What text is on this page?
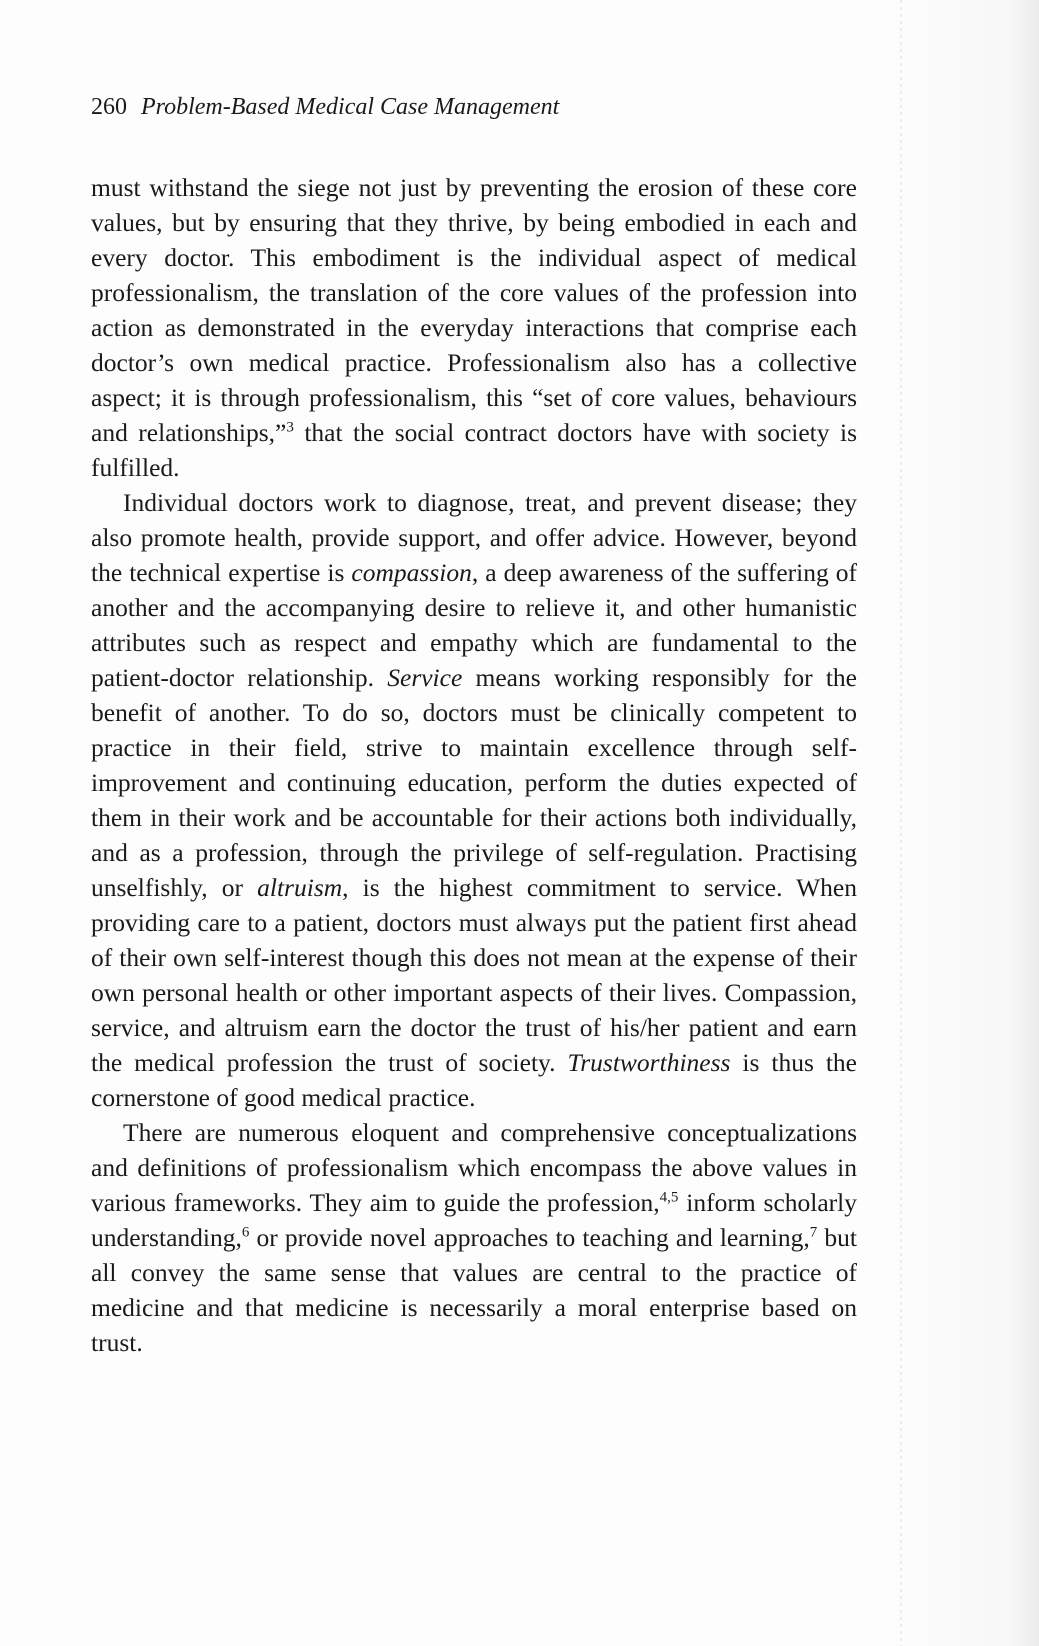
260 Problem-Based Medical Case Management

must withstand the siege not just by preventing the erosion of these core values, but by ensuring that they thrive, by being embodied in each and every doctor. This embodiment is the individual aspect of medical professionalism, the translation of the core values of the profession into action as demonstrated in the everyday interactions that comprise each doctor’s own medical practice. Professionalism also has a collective aspect; it is through professionalism, this “set of core values, behaviours and relationships,”$^3$ that the social contract doctors have with society is fulfilled.

Individual doctors work to diagnose, treat, and prevent disease; they also promote health, provide support, and offer advice. However, beyond the technical expertise is compassion, a deep awareness of the suffering of another and the accompanying desire to relieve it, and other humanistic attributes such as respect and empathy which are fundamental to the patient-doctor relationship. Service means working responsibly for the benefit of another. To do so, doctors must be clinically competent to practice in their field, strive to maintain excellence through self-improvement and continuing education, perform the duties expected of them in their work and be accountable for their actions both individually, and as a profession, through the privilege of self-regulation. Practising unselfishly, or altruism, is the highest commitment to service. When providing care to a patient, doctors must always put the patient first ahead of their own self-interest though this does not mean at the expense of their own personal health or other important aspects of their lives. Compassion, service, and altruism earn the doctor the trust of his/her patient and earn the medical profession the trust of society. Trustworthiness is thus the cornerstone of good medical practice.

There are numerous eloquent and comprehensive conceptualizations and definitions of professionalism which encompass the above values in various frameworks. They aim to guide the profession,$^{4,5}$ inform scholarly understanding,$^6$ or provide novel approaches to teaching and learning,$^7$ but all convey the same sense that values are central to the practice of medicine and that medicine is necessarily a moral enterprise based on trust.
